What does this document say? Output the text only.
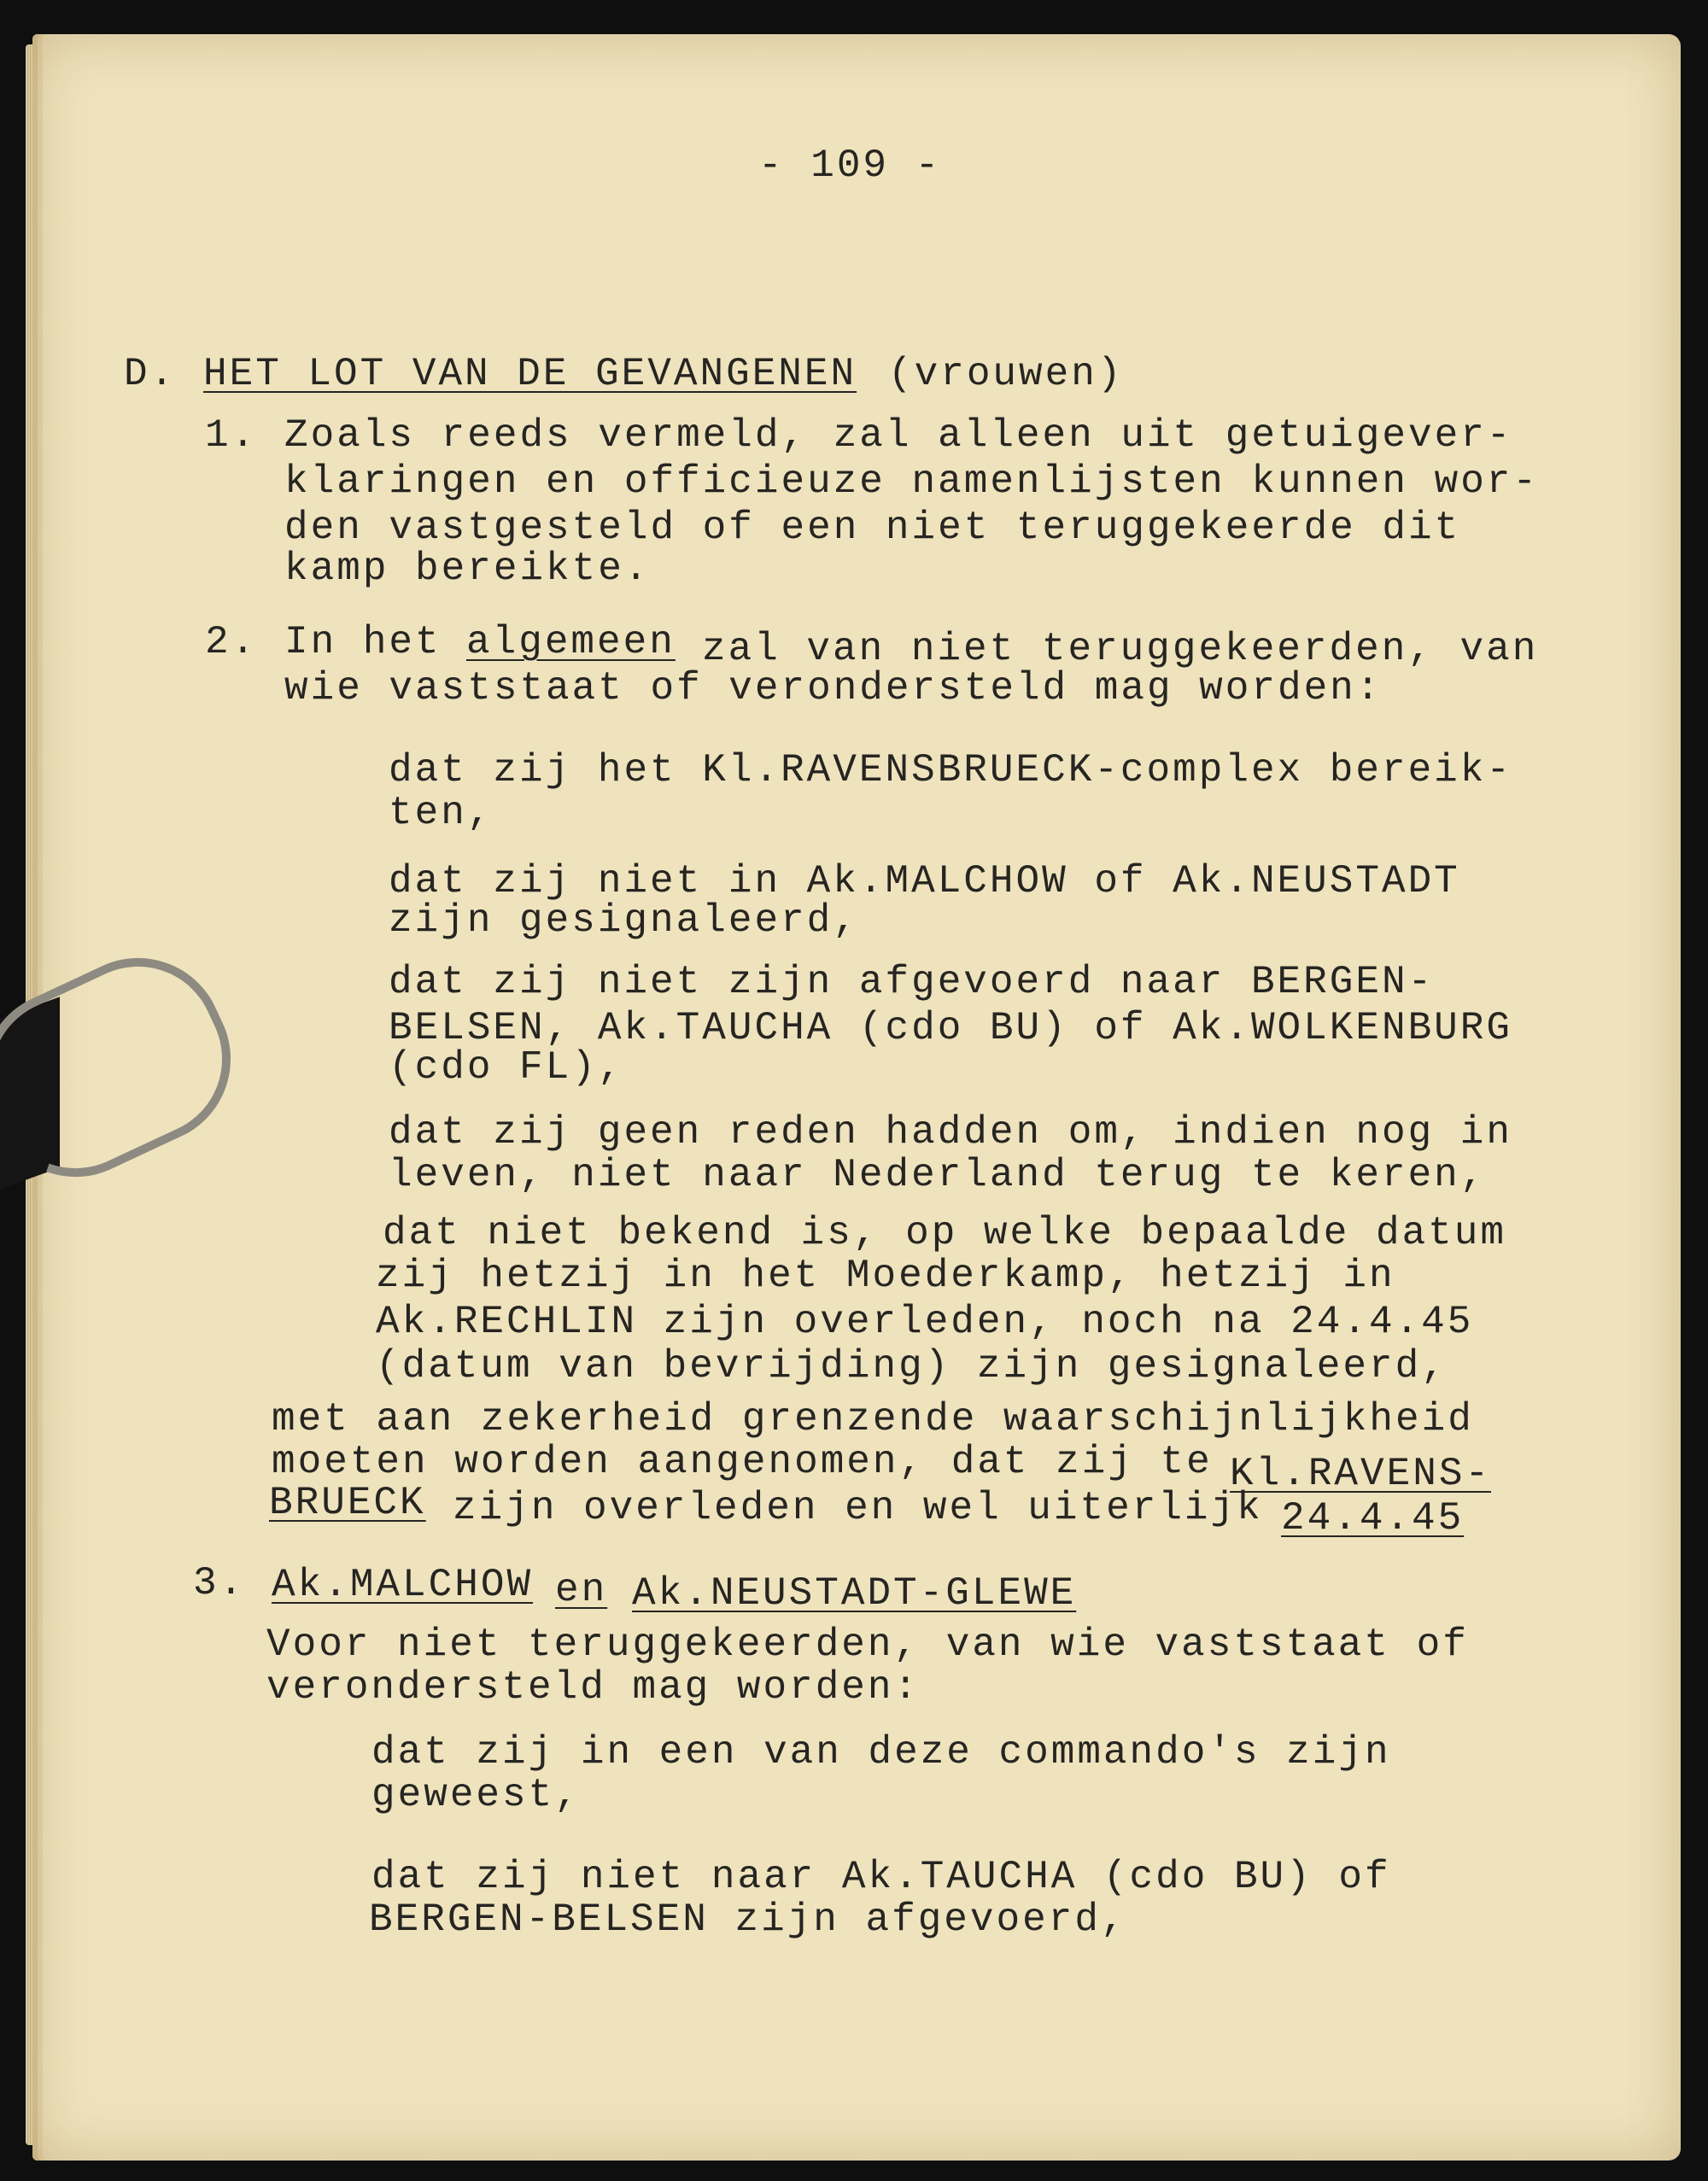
- 109 -
D. HET LOT VAN DE GEVANGENEN (vrouwen)
1. Zoals reeds vermeld, zal alleen uit getuigever-
klaringen en officieuze namenlijsten kunnen wor-
den vastgesteld of een niet teruggekeerde dit
kamp bereikte.
2. In het algemeen zal van niet teruggekeerden, van
wie vaststaat of verondersteld mag worden:
dat zij het Kl.RAVENSBRUECK-complex bereik-
ten,
dat zij niet in Ak.MALCHOW of Ak.NEUSTADT
zijn gesignaleerd,
dat zij niet zijn afgevoerd naar BERGEN-
BELSEN, Ak.TAUCHA (cdo BU) of Ak.WOLKENBURG
(cdo FL),
dat zij geen reden hadden om, indien nog in
leven, niet naar Nederland terug te keren,
dat niet bekend is, op welke bepaalde datum
zij hetzij in het Moederkamp, hetzij in
Ak.RECHLIN zijn overleden, noch na 24.4.45
(datum van bevrijding) zijn gesignaleerd,
met aan zekerheid grenzende waarschijnlijkheid
moeten worden aangenomen, dat zij te Kl.RAVENS-
BRUECK zijn overleden en wel uiterlijk 24.4.45
3. Ak.MALCHOW en Ak.NEUSTADT-GLEWE
Voor niet teruggekeerden, van wie vaststaat of
verondersteld mag worden:
dat zij in een van deze commando's zijn
geweest,
dat zij niet naar Ak.TAUCHA (cdo BU) of
BERGEN-BELSEN zijn afgevoerd,
